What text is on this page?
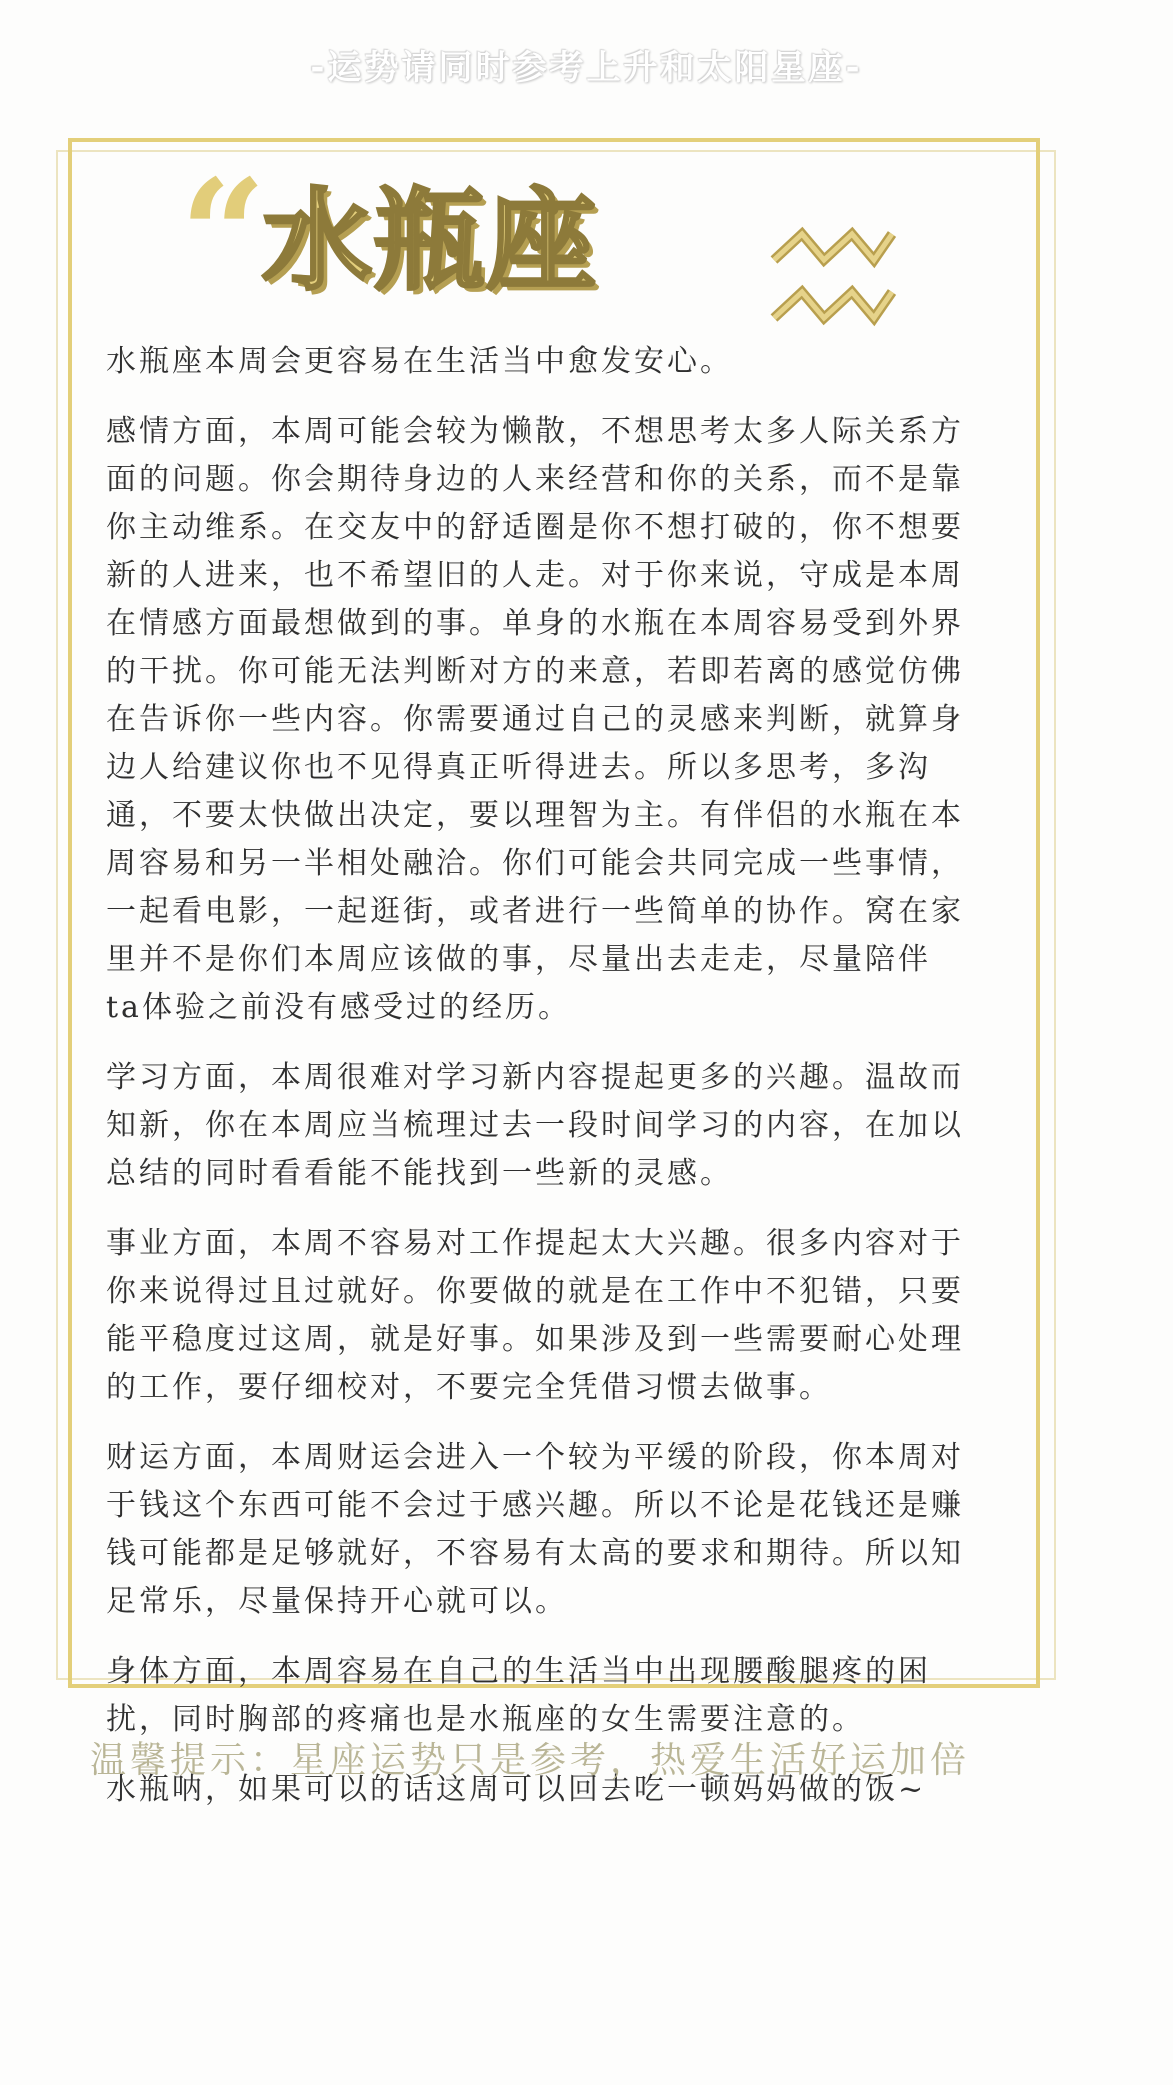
-运势请同时参考上升和太阳星座-
“
水瓶座

水瓶座本周会更容易在生活当中愈发安心。

感情方面，本周可能会较为懒散，不想思考太多人际关系方面的问题。你会期待身边的人来经营和你的关系，而不是靠你主动维系。在交友中的舒适圈是你不想打破的，你不想要新的人进来，也不希望旧的人走。对于你来说，守成是本周在情感方面最想做到的事。单身的水瓶在本周容易受到外界的干扰。你可能无法判断对方的来意，若即若离的感觉仿佛在告诉你一些内容。你需要通过自己的灵感来判断，就算身边人给建议你也不见得真正听得进去。所以多思考，多沟通，不要太快做出决定，要以理智为主。有伴侣的水瓶在本周容易和另一半相处融洽。你们可能会共同完成一些事情，一起看电影，一起逛街，或者进行一些简单的协作。窝在家里并不是你们本周应该做的事，尽量出去走走，尽量陪伴ta体验之前没有感受过的经历。

学习方面，本周很难对学习新内容提起更多的兴趣。温故而知新，你在本周应当梳理过去一段时间学习的内容，在加以总结的同时看看能不能找到一些新的灵感。

事业方面，本周不容易对工作提起太大兴趣。很多内容对于你来说得过且过就好。你要做的就是在工作中不犯错，只要能平稳度过这周，就是好事。如果涉及到一些需要耐心处理的工作，要仔细校对，不要完全凭借习惯去做事。

财运方面，本周财运会进入一个较为平缓的阶段，你本周对于钱这个东西可能不会过于感兴趣。所以不论是花钱还是赚钱可能都是足够就好，不容易有太高的要求和期待。所以知足常乐，尽量保持开心就可以。

身体方面，本周容易在自己的生活当中出现腰酸腿疼的困扰，同时胸部的疼痛也是水瓶座的女生需要注意的。

水瓶呐，如果可以的话这周可以回去吃一顿妈妈做的饭~

温馨提示：星座运势只是参考，热爱生活好运加倍
